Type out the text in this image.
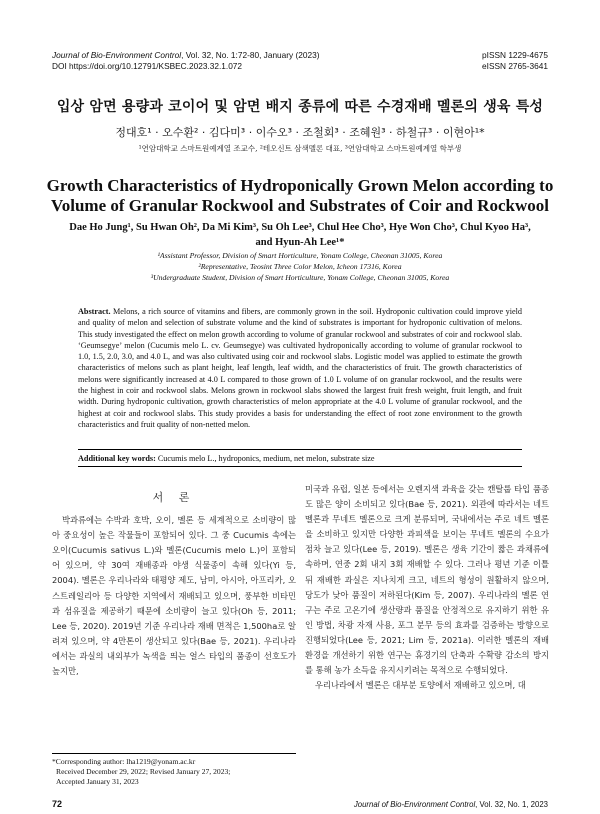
Journal of Bio-Environment Control, Vol. 32, No. 1:72-80, January (2023)
DOI https://doi.org/10.12791/KSBEC.2023.32.1.072
pISSN 1229-4675
eISSN 2765-3641
입상 암면 용량과 코이어 및 암면 배지 종류에 따른 수경재배 멜론의 생육 특성
정대호¹ · 오수환² · 김다미³ · 이수오³ · 조철회³ · 조혜원³ · 하철규³ · 이현아¹*
¹연암대학교 스마트원예계열 조교수, ²테오신트 삼색멜론 대표, ³연암대학교 스마트원예계열 학부생
Growth Characteristics of Hydroponically Grown Melon according to Volume of Granular Rockwool and Substrates of Coir and Rockwool
Dae Ho Jung¹, Su Hwan Oh², Da Mi Kim³, Su Oh Lee³, Chul Hee Cho³, Hye Won Cho³, Chul Kyoo Ha³, and Hyun-Ah Lee¹*
¹Assistant Professor, Division of Smart Horticulture, Yonam College, Cheonan 31005, Korea
²Representative, Teosint Three Color Melon, Icheon 17316, Korea
³Undergraduate Student, Division of Smart Horticulture, Yonam College, Cheonan 31005, Korea
Abstract. Melons, a rich source of vitamins and fibers, are commonly grown in the soil. Hydroponic cultivation could improve yield and quality of melon and selection of substrate volume and the kind of substrates is important for hydroponic cultivation of melons. This study investigated the effect on melon growth according to volume of granular rockwool and substrates of coir and rockwool slab. ‘Geumsegye’ melon (Cucumis melo L. cv. Geumsegye) was cultivated hydroponically according to volume of granular rockwool to 1.0, 1.5, 2.0, 3.0, and 4.0 L, and was also cultivated using coir and rockwool slabs. Logistic model was applied to estimate the growth characteristics of melons such as plant height, leaf length, leaf width, and the characteristics of fruit. The growth characteristics of melons were significantly increased at 4.0 L compared to those grown of 1.0 L volume of on granular rockwool, and the results were the highest in coir and rockwool slabs. Melons grown in rockwool slabs showed the largest fruit fresh weight, fruit length, and fruit width. During hydroponic cultivation, growth characteristics of melon appropriate at the 4.0 L volume of granular rockwool, and the highest at coir and rockwool slabs. This study provides a basis for understanding the effect of root zone environment to the growth characteristics and fruit quality of non-netted melon.
Additional key words: Cucumis melo L., hydroponics, medium, net melon, substrate size
서 론

박과류에는 수박과 호박, 오이, 멜론 등 세계적으로 소비량이 많아 중요성이 높은 작물들이 포함되어 있다. 그 중 Cucumis 속에는 오이(Cucumis sativus L.)와 멜론(Cucumis melo L.)이 포함되어 있으며, 약 30여 재배종과 야생 식물종이 속해 있다(Yi 등, 2004). 멜론은 우리나라와 태평양 제도, 남미, 아시아, 아프리카, 오스트레일리아 등 다양한 지역에서 재배되고 있으며, 풍부한 비타민과 섬유질을 제공하기 때문에 소비량이 늘고 있다(Oh 등, 2011; Lee 등, 2020). 2019년 기준 우리나라 재배 면적은 1,500ha로 알려져 있으며, 약 4만톤이 생산되고 있다(Bae 등, 2021). 우리나라에서는 과실의 내외부가 녹색을 띄는 얼스 타입의 품종이 선호도가 높지만,

미국과 유럽, 일본 등에서는 오렌지색 과육을 갖는 캔탈룹 타입 품종도 많은 양이 소비되고 있다(Bae 등, 2021). 외관에 따라서는 네트 멜론과 무네트 멜론으로 크게 분류되며, 국내에서는 주로 네트 멜론을 소비하고 있지만 다양한 과피색을 보이는 무네트 멜론의 수요가 점차 늘고 있다(Lee 등, 2019). 멜론은 생육 기간이 짧은 과채류에 속하며, 연중 2회 내지 3회 재배할 수 있다. 그러나 평년 기준 이틀 뒤 재배한 과실은 지나치게 크고, 네트의 형성이 원활하지 않으며, 당도가 낮아 품질이 저하된다(Kim 등, 2007). 우리나라의 멜론 연구는 주로 고온기에 생산량과 품질을 안정적으로 유지하기 위한 유인 방법, 차광 자재 사용, 포그 분무 등의 효과를 검증하는 방향으로 진행되었다(Lee 등, 2021; Lim 등, 2021a). 이러한 멜론의 재배 환경을 개선하기 위한 연구는 휴경기의 단축과 수확량 감소의 방지를 통해 농가 소득을 유지시키려는 목적으로 수행되었다.

우리나라에서 멜론은 대부분 토양에서 재배하고 있으며, 대

*Corresponding author: lha1219@yonam.ac.kr
Received December 29, 2022; Revised January 27, 2023;
Accepted January 31, 2023
72	Journal of Bio-Environment Control, Vol. 32, No. 1, 2023
